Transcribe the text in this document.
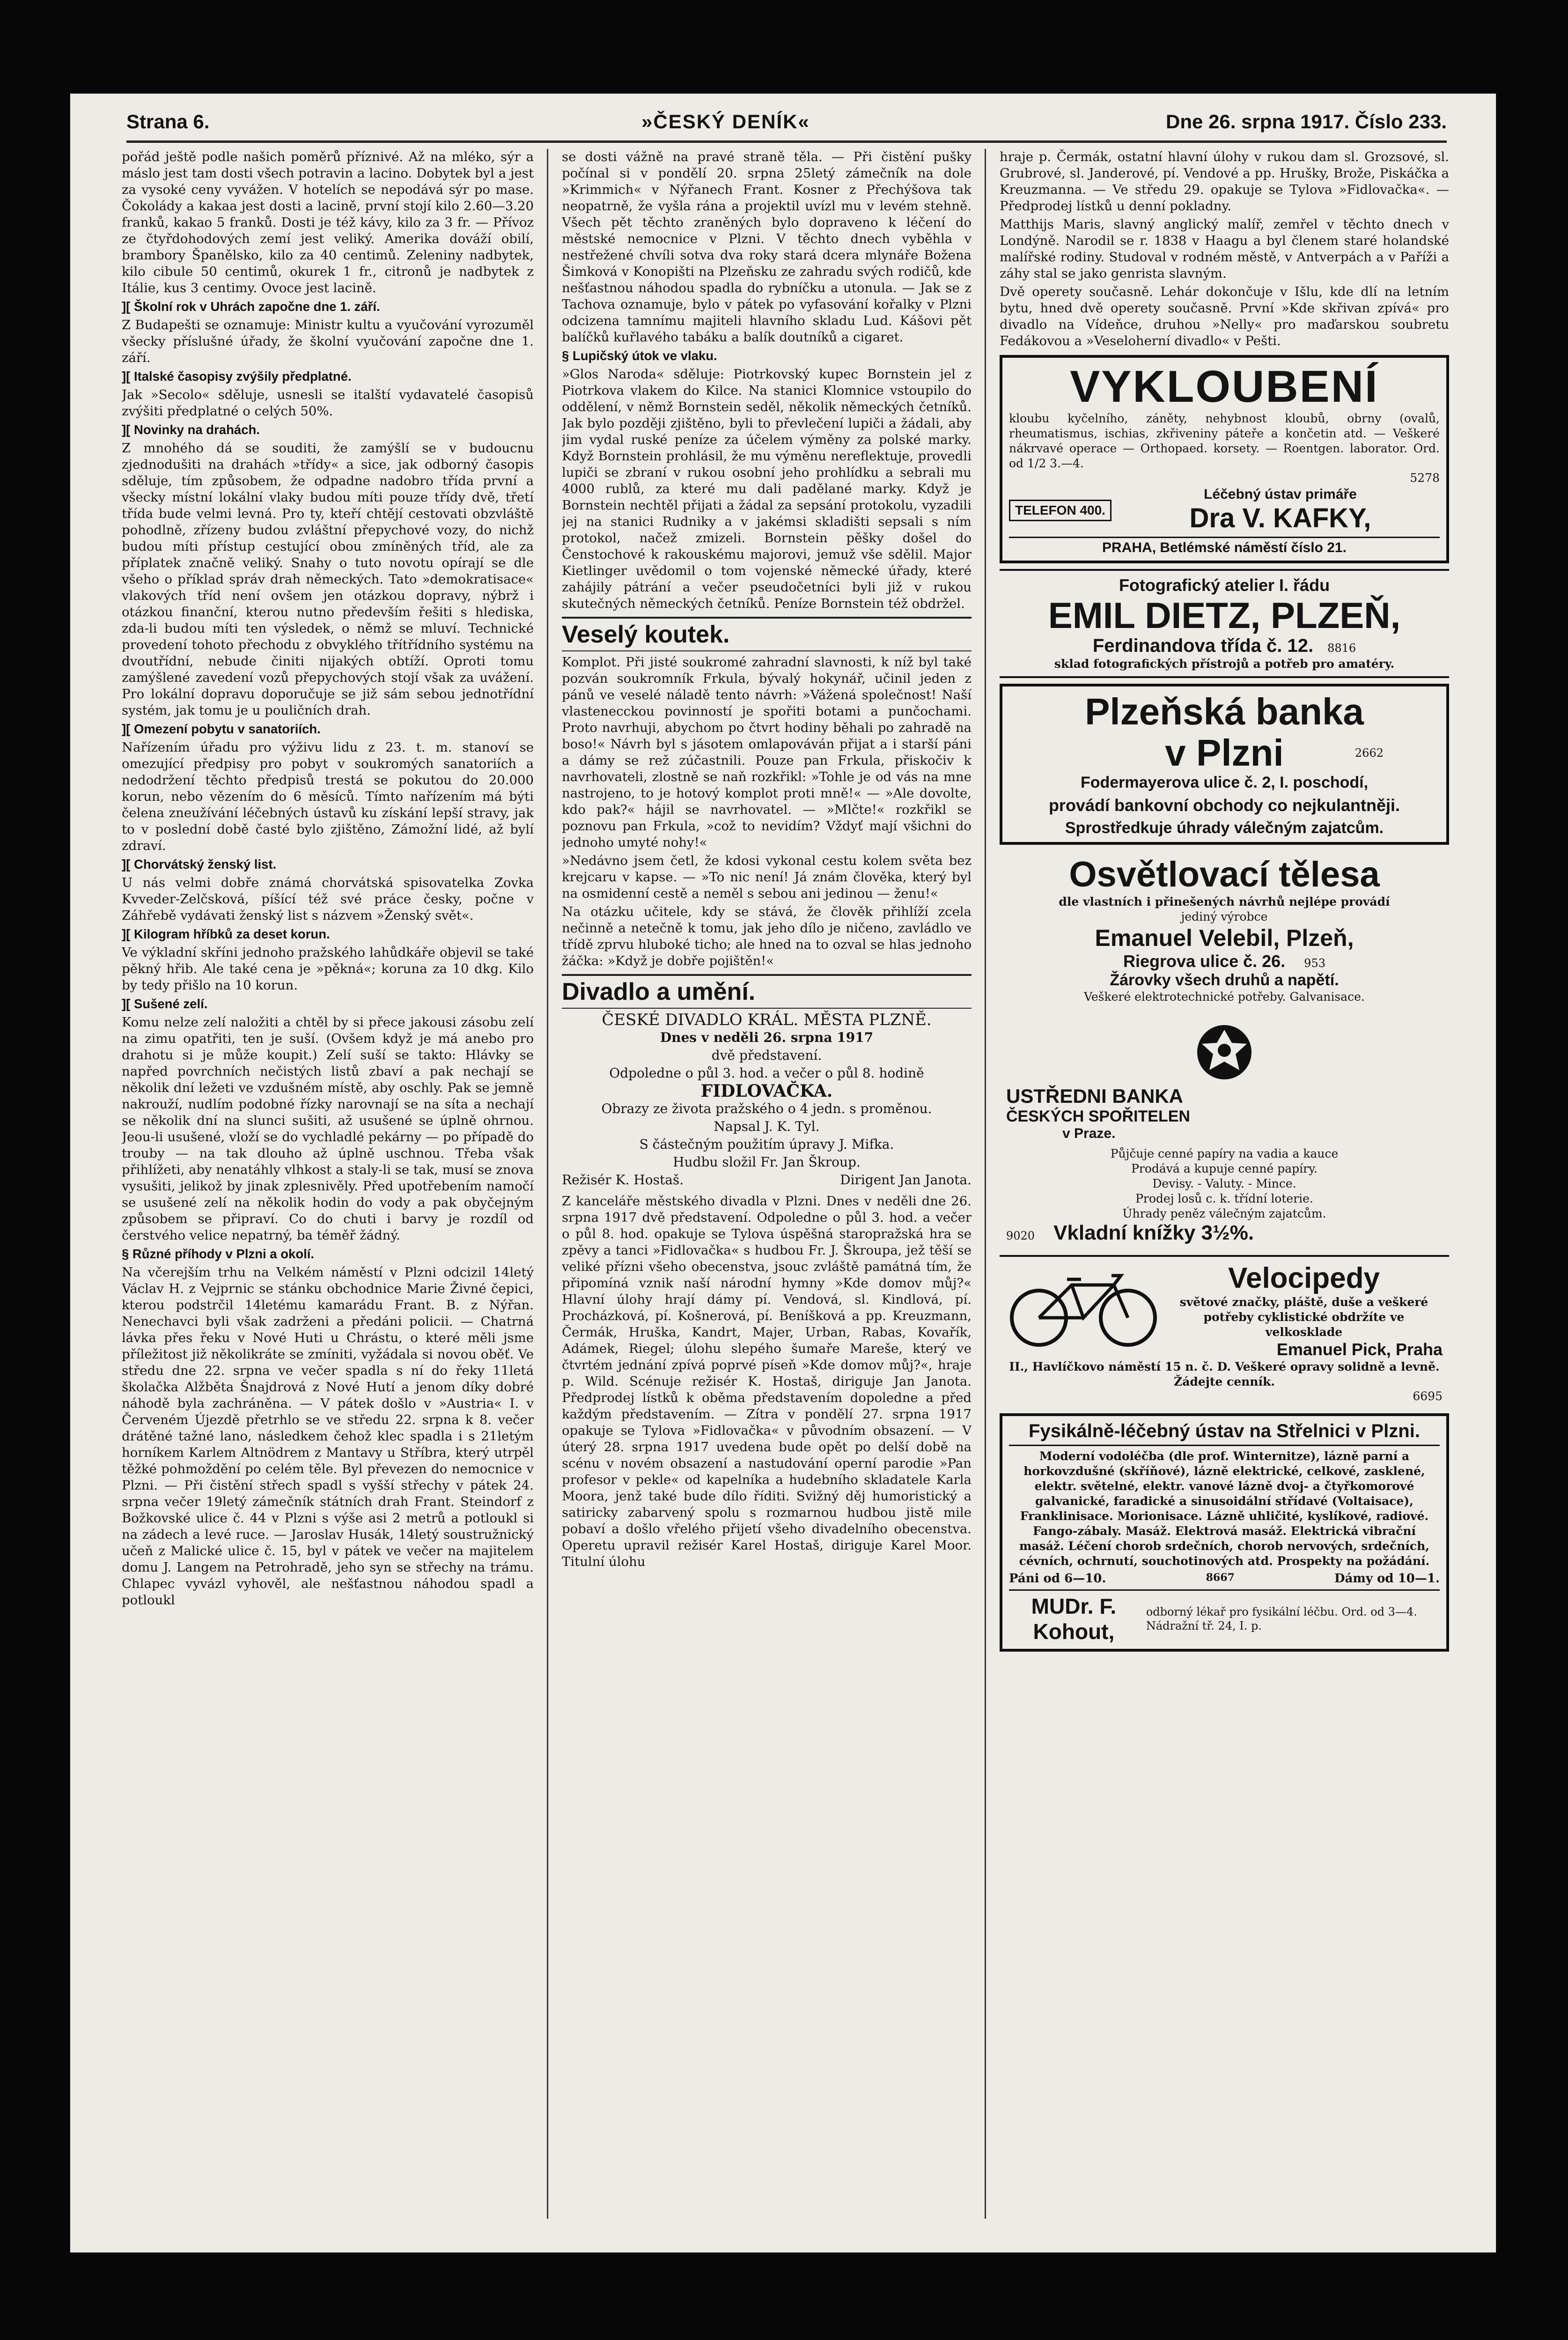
Strana 6.	»ČESKÝ DENÍK«	Dne 26. srpna 1917. Číslo 233.

pořád ještě podle našich poměrů příznivé. Až na mléko, sýr a máslo jest tam dosti všech potravin a lacino. Dobytek byl a jest za vysoké ceny vyvážen. V hotelích se nepodává sýr po mase. Čokolády a kakaa jest dosti a lacině, první stojí kilo 2.60—3.20 franků, kakao 5 franků. Dosti je též kávy, kilo za 3 fr. — Přívoz ze čtyřdohodových zemí jest veliký. Amerika dováží obilí, brambory Španělsko, kilo za 40 centimů. Zeleniny nadbytek, kilo cibule 50 centimů, okurek 1 fr., citronů je nadbytek z Itálie, kus 3 centimy. Ovoce jest lacině.

][ Školní rok v Uhrách započne dne 1. září.

Z Budapešti se oznamuje: Ministr kultu a vyučování vyrozuměl všecky příslušné úřady, že školní vyučování započne dne 1. září.

][ Italské časopisy zvýšily předplatné.

Jak »Secolo« sděluje, usnesli se italští vydavatelé časopisů zvýšiti předplatné o celých 50%.

][ Novinky na drahách.

Z mnohého dá se souditi, že zamýšlí se v budoucnu zjednodušiti na drahách »třídy« a sice, jak odborný časopis sděluje, tím způsobem, že odpadne nadobro třída první a všecky místní lokální vlaky budou míti pouze třídy dvě, třetí třída bude velmi levná. Pro ty, kteří chtějí cestovati obzvláště pohodlně, zřízeny budou zvláštní přepychové vozy, do nichž budou míti přístup cestující obou zmíněných tříd, ale za příplatek značně veliký. Snahy o tuto novotu opírají se dle všeho o příklad správ drah německých. Tato »demokratisace« vlakových tříd není ovšem jen otázkou dopravy, nýbrž i otázkou finanční, kterou nutno především řešiti s hlediska, zda-li budou míti ten výsledek, o němž se mluví. Technické provedení tohoto přechodu z obvyklého třítřídního systému na dvoutřídní, nebude činiti nijakých obtíží. Oproti tomu zamýšlené zavedení vozů přepychových stojí však za uvážení. Pro lokální dopravu doporučuje se již sám sebou jednotřídní systém, jak tomu je u pouličních drah.

][ Omezení pobytu v sanatoriích.

Nařízením úřadu pro výživu lidu z 23. t. m. stanoví se omezující předpisy pro pobyt v soukromých sanatoriích a nedodržení těchto předpisů trestá se pokutou do 20.000 korun, nebo vězením do 6 měsíců. Tímto nařízením má býti čelena zneužívání léčebných ústavů ku získání lepší stravy, jak to v poslední době časté bylo zjištěno, Zámožní lidé, až bylí zdraví.

][ Chorvátský ženský list.

U nás velmi dobře známá chorvátská spisovatelka Zovka Kvveder-Zelčsková, píšící též své práce česky, počne v Záhřebě vydávati ženský list s názvem »Ženský svět«.

][ Kilogram hříbků za deset korun.

Ve výkladní skříni jednoho pražského lahůdkáře objevil se také pěkný hřib. Ale také cena je »pěkná«; koruna za 10 dkg. Kilo by tedy přišlo na 10 korun.

][ Sušené zelí.

Komu nelze zelí naložiti a chtěl by si přece jakousi zásobu zelí na zimu opatřiti, ten je suší. (Ovšem když je má anebo pro drahotu si je může koupit.) Zelí suší se takto: Hlávky se napřed povrchních nečistých listů zbaví a pak nechají se několik dní ležeti ve vzdušném místě, aby oschly. Pak se jemně nakrouží, nudlím podobné řízky narovnají se na síta a nechají se několik dní na slunci sušiti, až usušené se úplně ohrnou. Jeou-li usušené, vloží se do vychladlé pekárny — po případě do trouby — na tak dlouho až úplně uschnou. Třeba však přihlížeti, aby nenatáhly vlhkost a staly-li se tak, musí se znova vysušiti, jelikož by jinak zplesnivěly. Před upotřebením namočí se usušené zelí na několik hodin do vody a pak obyčejným způsobem se připraví. Co do chuti i barvy je rozdíl od čerstvého velice nepatrný, ba téměř žádný.

§ Různé příhody v Plzni a okolí.

Na včerejším trhu na Velkém náměstí v Plzni odcizil 14letý Václav H. z Vejprnic se stánku obchodnice Marie Živné čepici, kterou podstrčil 14letému kamarádu Frant. B. z Nýřan. Nenechavci byli však zadrženi a předáni policii. — Chatrná lávka přes řeku v Nové Huti u Chrástu, o které měli jsme příležitost již několikráte se zmíniti, vyžádala si novou oběť. Ve středu dne 22. srpna ve večer spadla s ní do řeky 11letá školačka Alžběta Šnajdrová z Nové Hutí a jenom díky dobré náhodě byla zachráněna. — V pátek došlo v »Austria« I. v Červeném Újezdě přetrhlo se ve středu 22. srpna k 8. večer drátěné tažné lano, následkem čehož klec spadla i s 21letým horníkem Karlem Altnödrem z Mantavy u Stříbra, který utrpěl těžké pohmoždění po celém těle. Byl převezen do nemocnice v Plzni. — Při čistění střech spadl s vyšší střechy v pátek 24. srpna večer 19letý zámečník státních drah Frant. Steindorf z Božkovské ulice č. 44 v Plzni s výše asi 2 metrů a potloukl si na zádech a levé ruce. — Jaroslav Husák, 14letý soustružnický učeň z Malické ulice č. 15, byl v pátek ve večer na majitelem domu J. Langem na Petrohradě, jeho syn se střechy na trámu. Chlapec vyvázl vyhověl, ale nešťastnou náhodou spadl a potloukl

se dosti vážně na pravé straně těla. — Při čistění pušky počínal si v pondělí 20. srpna 25letý zámečník na dole »Krimmich« v Nýřanech Frant. Kosner z Přechýšova tak neopatrně, že vyšla rána a projektil uvízl mu v levém stehně. Všech pět těchto zraněných bylo dopraveno k léčení do městské nemocnice v Plzni. V těchto dnech vyběhla v nestřežené chvíli sotva dva roky stará dcera mlynáře Božena Šimková v Konopišti na Plzeňsku ze zahradu svých rodičů, kde nešťastnou náhodou spadla do rybníčku a utonula. — Jak se z Tachova oznamuje, bylo v pátek po vyfasování kořalky v Plzni odcizena tamnímu majiteli hlavního skladu Lud. Kášovi pět balíčků kuřlavého tabáku a balík doutníků a cigaret.

§ Lupičský útok ve vlaku.

»Glos Naroda« sděluje: Piotrkovský kupec Bornstein jel z Piotrkova vlakem do Kilce. Na stanici Klomnice vstoupilo do oddělení, v němž Bornstein seděl, několik německých četníků. Jak bylo později zjištěno, byli to převlečení lupiči a žádali, aby jim vydal ruské peníze za účelem výměny za polské marky. Když Bornstein prohlásil, že mu výměnu nereflektuje, provedli lupiči se zbraní v rukou osobní jeho prohlídku a sebrali mu 4000 rublů, za které mu dali padělané marky. Když je Bornstein nechtěl přijati a žádal za sepsání protokolu, vyzadili jej na stanici Rudniky a v jakémsi skladišti sepsali s ním protokol, načež zmizeli. Bornstein pěšky došel do Čenstochové k rakouskému majorovi, jemuž vše sdělil. Major Kietlinger uvědomil o tom vojenské německé úřady, které zahájily pátrání a večer pseudočetníci byli již v rukou skutečných německých četníků. Peníze Bornstein též obdržel.

Veselý koutek.

Komplot. Při jisté soukromé zahradní slavnosti, k níž byl také pozván soukromník Frkula, bývalý hokynář, učinil jeden z pánů ve veselé náladě tento návrh: »Vážená společnost! Naší vlastenecckou povinností je spořiti botami a punčochami. Proto navrhuji, abychom po čtvrt hodiny běhali po zahradě na boso!« Návrh byl s jásotem omlapováván přijat a i starší páni a dámy se rež zúčastnili. Pouze pan Frkula, přiskočiv k navrhovateli, zlostně se naň rozkřikl: »Tohle je od vás na mne nastrojeno, to je hotový komplot proti mně!« — »Ale dovolte, kdo pak?« hájil se navrhovatel. — »Mlčte!« rozkřikl se poznovu pan Frkula, »což to nevidím? Vždyť mají všichni do jednoho umyté nohy!«

»Nedávno jsem četl, že kdosi vykonal cestu kolem světa bez krejcaru v kapse. — »To nic není! Já znám člověka, který byl na osmidenní cestě a neměl s sebou ani jedinou — ženu!«

Na otázku učitele, kdy se stává, že člověk přihlíží zcela nečinně a netečně k tomu, jak jeho dílo je ničeno, zavládlo ve třídě zprvu hluboké ticho; ale hned na to ozval se hlas jednoho žáčka: »Když je dobře pojištěn!«

Divadlo a umění.
ČESKÉ DIVADLO KRÁL. MĚSTA PLZNĚ.
Dnes v neděli 26. srpna 1917
dvě představení.
Odpoledne o půl 3. hod. a večer o půl 8. hodině
FIDLOVAČKA.
Obrazy ze života pražského o 4 jedn. s proměnou.
Napsal J. K. Tyl.
S částečným použitím úpravy J. Mifka.
Hudbu složil Fr. Jan Škroup.
Režisér K. Hostaš.	Dirigent Jan Janota.

Z kanceláře městského divadla v Plzni. Dnes v neděli dne 26. srpna 1917 dvě představení. Odpoledne o půl 3. hod. a večer o půl 8. hod. opakuje se Tylova úspěšná staropražská hra se zpěvy a tanci »Fidlovačka« s hudbou Fr. J. Škroupa, jež těší se veliké přízni všeho obecenstva, jsouc zvláště památná tím, že připomíná vznik naší národní hymny »Kde domov můj?« Hlavní úlohy hrají dámy pí. Vendová, sl. Kindlová, pí. Procházková, pí. Košnerová, pí. Beníšková a pp. Kreuzmann, Čermák, Hruška, Kandrt, Majer, Urban, Rabas, Kovařík, Adámek, Riegel; úlohu slepého šumaře Mareše, který ve čtvrtém jednání zpívá poprvé píseň »Kde domov můj?«, hraje p. Wild. Scénuje režisér K. Hostaš, diriguje Jan Janota. Předprodej lístků k oběma představením dopoledne a před každým představením. — Zítra v pondělí 27. srpna 1917 opakuje se Tylova »Fidlovačka« v původním obsazení. — V úterý 28. srpna 1917 uvedena bude opět po delší době na scénu v novém obsazení a nastudování operní parodie »Pan profesor v pekle« od kapelníka a hudebního skladatele Karla Moora, jenž také bude dílo říditi. Svižný děj humoristický a satiricky zabarvený spolu s rozmarnou hudbou jistě mile pobaví a došlo vřelého přijetí všeho divadelního obecenstva. Operetu upravil režisér Karel Hostaš, diriguje Karel Moor. Titulní úlohu

hraje p. Čermák, ostatní hlavní úlohy v rukou dam sl. Grozsové, sl. Grubrové, sl. Janderové, pí. Vendové a pp. Hrušky, Brože, Piskáčka a Kreuzmanna. — Ve středu 29. opakuje se Tylova »Fidlovačka«. — Předprodej lístků u denní pokladny.

Matthijs Maris, slavný anglický malíř, zemřel v těchto dnech v Londýně. Narodil se r. 1838 v Haagu a byl členem staré holandské malířské rodiny. Studoval v rodném městě, v Antverpách a v Paříži a záhy stal se jako genrista slavným.

Dvě operety současně. Lehár dokončuje v Išlu, kde dlí na letním bytu, hned dvě operety současně. První »Kde skřivan zpívá« pro divadlo na Vídeňce, druhou »Nelly« pro maďarskou soubretu Fedákovou a »Veseloherní divadlo« v Pešti.

VYKLOUBENÍ
kloubu kyčelního, záněty, nehybnost kloubů, obrny (ovalů, rheumatismus, ischias, zkřiveniny páteře a končetin atd. — Veškeré nákrvavé operace — Orthopaed. korsety. — Roentgen. laborator. Ord. od 1/2 3.—4.
5278
TELEFON 400.
Léčebný ústav primáře
Dra V. KAFKY,
PRAHA, Betlémské náměstí číslo 21.
Fotografický atelier I. řádu
EMIL DIETZ, PLZEŇ,
Ferdinandova třída č. 12. 8816
sklad fotografických přístrojů a potřeb pro amatéry.
Plzeňská banka
v Plzni	2662
Fodermayerova ulice č. 2, I. poschodí,
provádí bankovní obchody co nejkulantněji.
Sprostředkuje úhrady válečným zajatcům.
Osvětlovací tělesa
dle vlastních i přinešených návrhů nejlépe provádí
jediný výrobce
Emanuel Velebil, Plzeň,
Riegrova ulice č. 26. 953
Žárovky všech druhů a napětí.
Veškeré elektrotechnické potřeby. Galvanisace.
USTŘEDNI BANKA
ČESKÝCH SPOŘITELEN
v Praze.
Půjčuje cenné papíry na vadia a kauce
Prodává a kupuje cenné papíry.
Devisy. - Valuty. - Mince.
Prodej losů c. k. třídní loterie.
Úhrady peněz válečným zajatcům.
9020 Vkladní knížky 3½%.
Velocipedy
světové značky, pláště, duše a veškeré potřeby cyklistické obdržíte ve velkosklade
Emanuel Pick, Praha
II., Havlíčkovo náměstí 15 n. č. D. Veškeré opravy solidně a levně. Žádejte cenník.
6695
Fysikálně-léčebný ústav na Střelnici v Plzni.
Moderní vodoléčba (dle prof. Winternitze), lázně parní a horkovzdušné (skříňové), lázně elektrické, celkové, zasklené, elektr. světelné, elektr. vanové lázně dvoj- a čtyřkomorové galvanické, faradické a sinusoidální střídavé (Voltaisace), Franklinisace. Morionisace. Lázně uhličité, kyslíkové, radiové. Fango-zábaly. Masáž. Elektrová masáž. Elektrická vibrační masáž. Léčení chorob srdečních, chorob nervových, srdečních, cévních, ochrnutí, souchotinových atd. Prospekty na požádání.
Páni od 6—10.	8667	Dámy od 10—1.
MUDr. F. Kohout,
odborný lékař pro fysikální léčbu. Ord. od 3—4. Nádražní tř. 24, I. p.
